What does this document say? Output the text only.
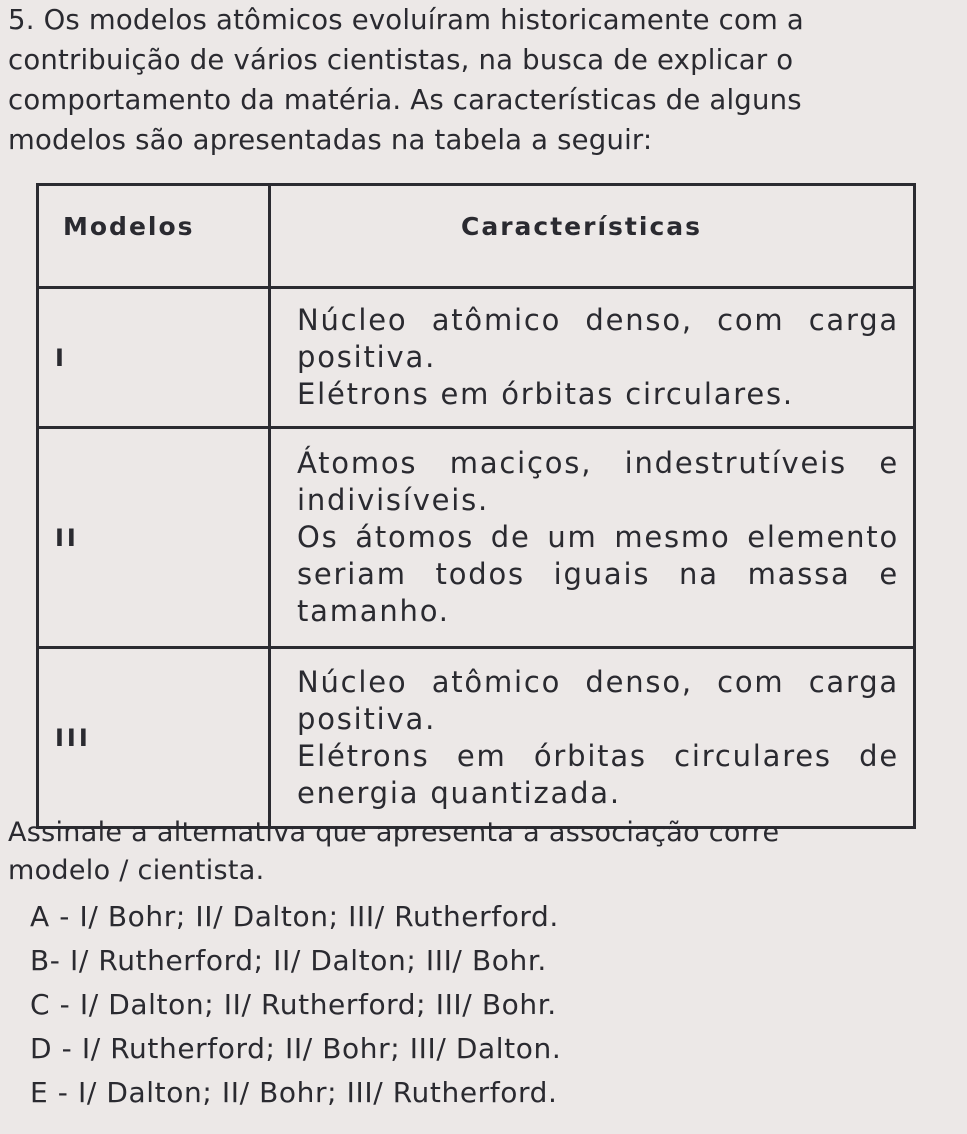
5. Os modelos atômicos evoluíram historicamente com a
contribuição de vários cientistas, na busca de explicar o
comportamento da matéria. As características de alguns
modelos são apresentadas na tabela a seguir:

Modelos	Características
I	Núcleo atômico denso, com carga positiva.
Elétrons em órbitas circulares.

II	Átomos maciços, indestrutíveis e indivisíveis.
Os átomos de um mesmo elemento seriam todos iguais na massa e tamanho.

III	Núcleo atômico denso, com carga positiva.
Elétrons em órbitas circulares de energia quantizada.
Assinale a alternativa que apresenta a associação corre
modelo / cientista.
A - I/ Bohr; II/ Dalton; III/ Rutherford.
B- I/ Rutherford; II/ Dalton; III/ Bohr.
C - I/ Dalton; II/ Rutherford; III/ Bohr.
D - I/ Rutherford; II/ Bohr; III/ Dalton.
E - I/ Dalton; II/ Bohr; III/ Rutherford.
